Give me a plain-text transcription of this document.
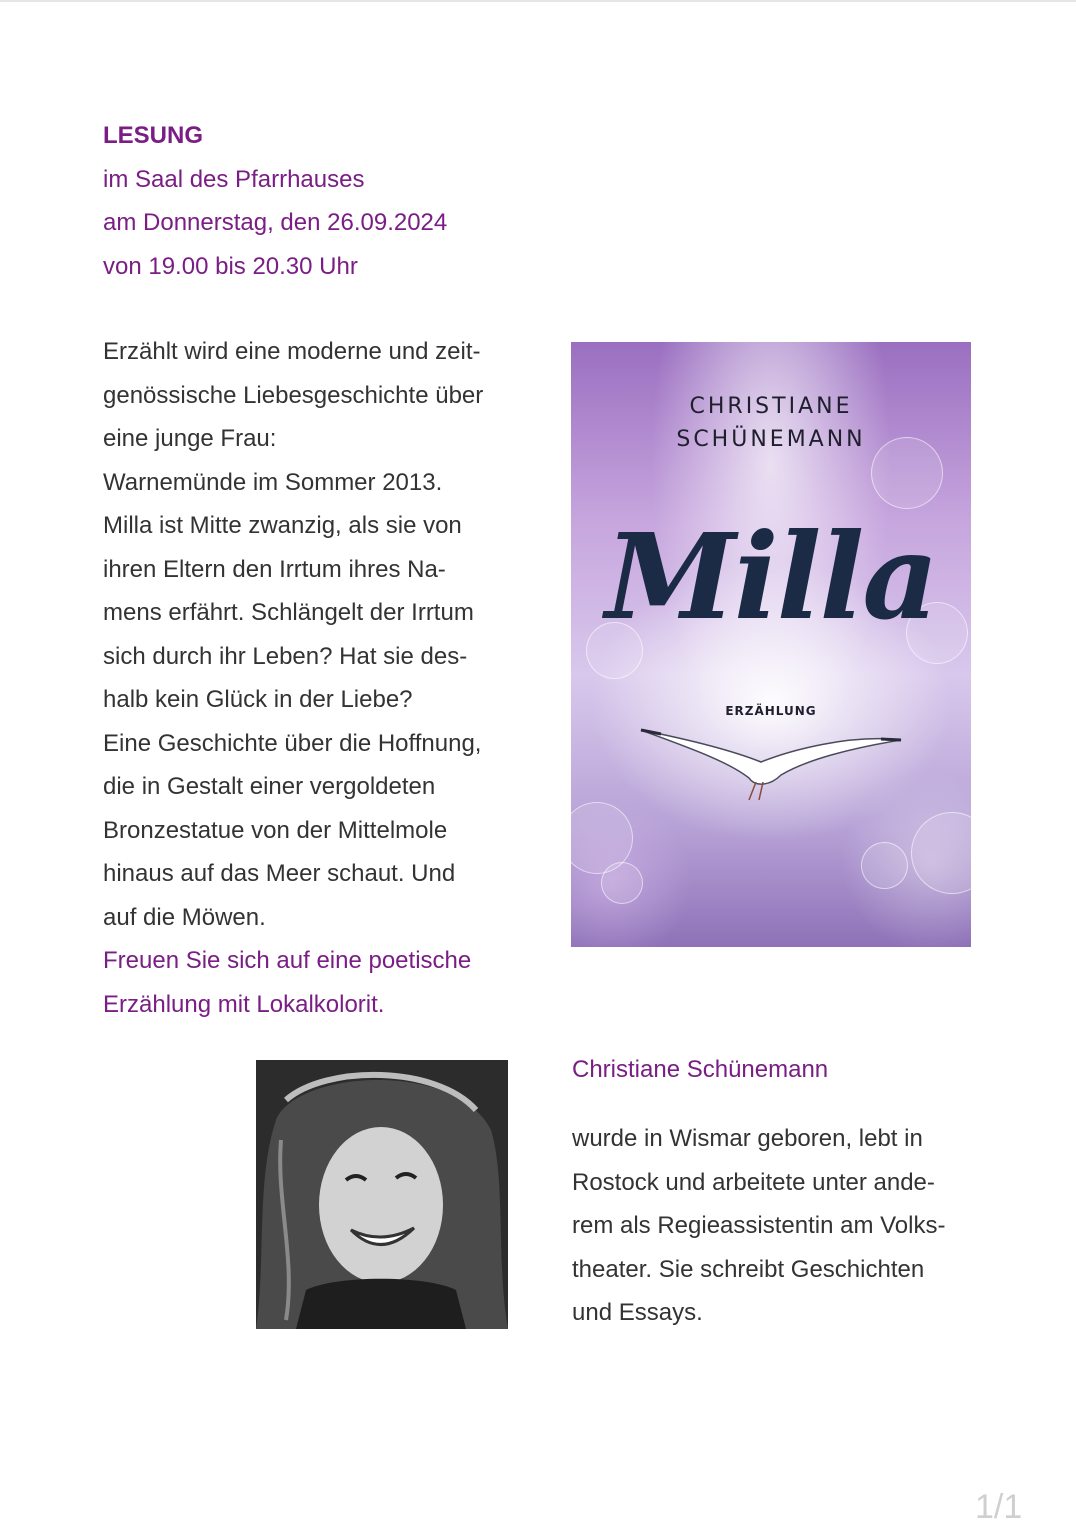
LESUNG
im Saal des Pfarrhauses
am Donnerstag, den 26.09.2024
von 19.00 bis 20.30 Uhr
Erzählt wird eine moderne und zeit-
genössische Liebesgeschichte über
eine junge Frau:
Warnemünde im Sommer 2013.
Milla ist Mitte zwanzig, als sie von
ihren Eltern den Irrtum ihres Na-
mens erfährt. Schlängelt der Irrtum
sich durch ihr Leben? Hat sie des-
halb kein Glück in der Liebe?
Eine Geschichte über die Hoffnung,
die in Gestalt einer vergoldeten
Bronzestatue von der Mittelmole
hinaus auf das Meer schaut. Und
auf die Möwen.
Freuen Sie sich auf eine poetische
Erzählung mit Lokalkolorit.
CHRISTIANE
SCHÜNEMANN
Milla
ERZÄHLUNG
Christiane Schünemann
wurde in Wismar geboren, lebt in
Rostock und arbeitete unter ande-
rem als Regieassistentin am Volks-
theater. Sie schreibt Geschichten
und Essays.
1/1
